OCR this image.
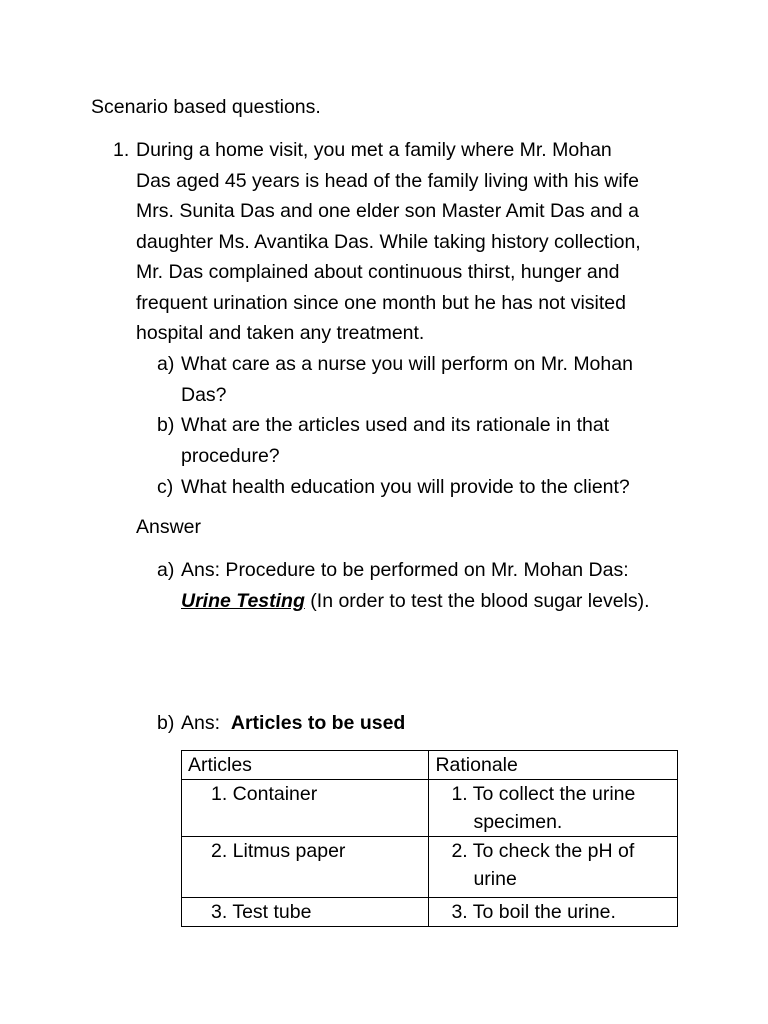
Scenario based questions.
1. During a home visit, you met a family where Mr. Mohan
Das aged 45 years is head of the family living with his wife
Mrs. Sunita Das and one elder son Master Amit Das and a
daughter Ms. Avantika Das. While taking history collection,
Mr. Das complained about continuous thirst, hunger and
frequent urination since one month but he has not visited
hospital and taken any treatment.
a) What care as a nurse you will perform on Mr. Mohan
Das?
b) What are the articles used and its rationale in that
procedure?
c) What health education you will provide to the client?
Answer
a) Ans: Procedure to be performed on Mr. Mohan Das:
Urine Testing (In order to test the blood sugar levels).
b) Ans: Articles to be used
Articles	Rationale
1. Container	1. To collect the urine specimen.

2. Litmus paper	2. To check the pH of urine

3. Test tube	3. To boil the urine.
